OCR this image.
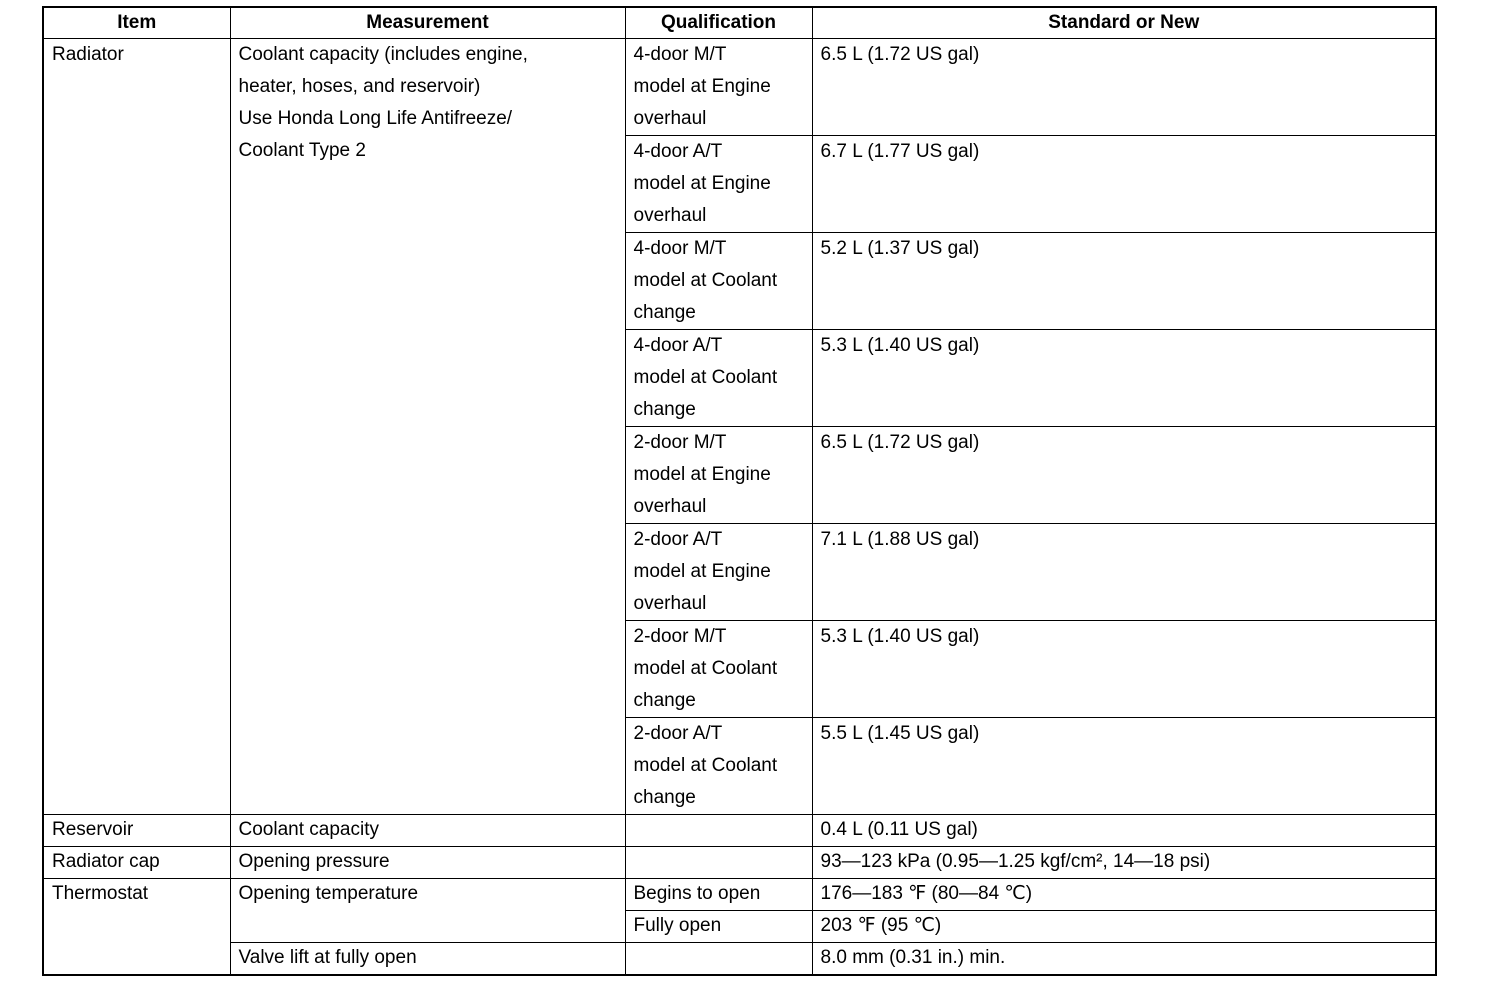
Item	Measurement	Qualification	Standard or New
Radiator	Coolant capacity (includes engine,
heater, hoses, and reservoir)
Use Honda Long Life Antifreeze/
Coolant Type 2	4-door M/T
model at Engine
overhaul	6.5 L (1.72 US gal)

		4-door A/T
model at Engine
overhaul	6.7 L (1.77 US gal)

		4-door M/T
model at Coolant
change	5.2 L (1.37 US gal)

		4-door A/T
model at Coolant
change	5.3 L (1.40 US gal)

		2-door M/T
model at Engine
overhaul	6.5 L (1.72 US gal)

		2-door A/T
model at Engine
overhaul	7.1 L (1.88 US gal)

		2-door M/T
model at Coolant
change	5.3 L (1.40 US gal)

		2-door A/T
model at Coolant
change	5.5 L (1.45 US gal)
Reservoir	Coolant capacity		0.4 L (0.11 US gal)
Radiator cap	Opening pressure		93—123 kPa (0.95—1.25 kgf/cm², 14—18 psi)
Thermostat	Opening temperature	Begins to open	176—183 ℉ (80—84 ℃)
		Fully open	203 ℉ (95 ℃)
	Valve lift at fully open		8.0 mm (0.31 in.) min.
